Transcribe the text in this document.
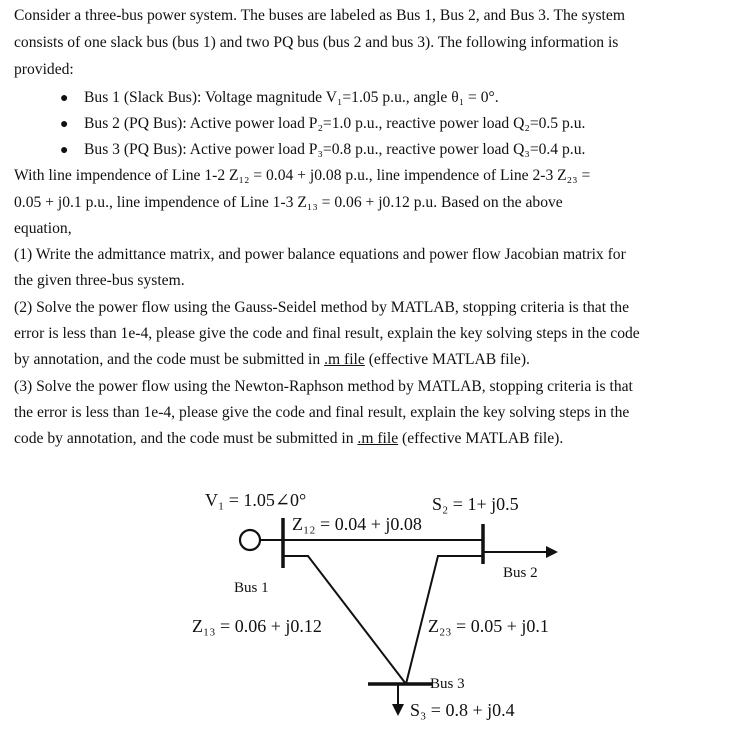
Consider a three-bus power system. The buses are labeled as Bus 1, Bus 2, and Bus 3. The system
consists of one slack bus (bus 1) and two PQ bus (bus 2 and bus 3). The following information is
provided:
● Bus 1 (Slack Bus): Voltage magnitude V₁=1.05 p.u., angle θ₁ = 0°.
● Bus 2 (PQ Bus): Active power load P₂=1.0 p.u., reactive power load Q₂=0.5 p.u.
● Bus 3 (PQ Bus): Active power load P₃=0.8 p.u., reactive power load Q₃=0.4 p.u.
With line impendence of Line 1-2 Z₁₂ = 0.04 + j0.08 p.u., line impendence of Line 2-3 Z₂₃ =
0.05 + j0.1 p.u., line impendence of Line 1-3 Z₁₃ = 0.06 + j0.12 p.u. Based on the above
equation,
(1) Write the admittance matrix, and power balance equations and power flow Jacobian matrix for
the given three-bus system.
(2) Solve the power flow using the Gauss-Seidel method by MATLAB, stopping criteria is that the
error is less than 1e-4, please give the code and final result, explain the key solving steps in the code
by annotation, and the code must be submitted in .m file (effective MATLAB file).
(3) Solve the power flow using the Newton-Raphson method by MATLAB, stopping criteria is that
the error is less than 1e-4, please give the code and final result, explain the key solving steps in the
code by annotation, and the code must be submitted in .m file (effective MATLAB file).
V₁ = 1.05∠0°
Z₁₂ = 0.04 + j0.08
S₂ = 1+ j0.5
Bus 1
Bus 2
Z₁₃ = 0.06 + j0.12	Z₂₃ = 0.05 + j0.1
Bus 3
S₃ = 0.8 + j0.4
